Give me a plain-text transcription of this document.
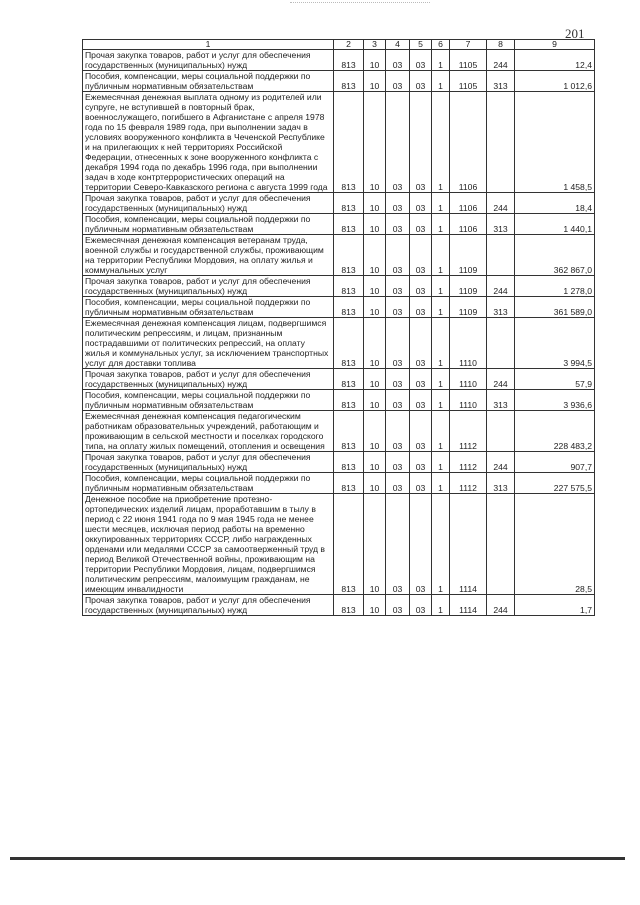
201
1	2	3	4	5	6	7	8	9
Прочая закупка товаров, работ и услуг для обеспечения государственных (муниципальных) нужд	813	10	03	03	1	1105	244	12,4
Пособия, компенсации, меры социальной поддержки по публичным нормативным обязательствам	813	10	03	03	1	1105	313	1 012,6
Ежемесячная денежная выплата одному из родителей или супруге, не вступившей в повторный брак, военнослужащего, погибшего в Афганистане с апреля 1978 года по 15 февраля 1989 года, при выполнении задач в условиях вооруженного конфликта в Чеченской Республике и на прилегающих к ней территориях Российской Федерации, отнесенных к зоне вооруженного конфликта с декабря 1994 года по декабрь 1996 года, при выполнении задач в ходе контртеррористических операций на территории Северо-Кавказского региона с августа 1999 года	813	10	03	03	1	1106		1 458,5
Прочая закупка товаров, работ и услуг для обеспечения государственных (муниципальных) нужд	813	10	03	03	1	1106	244	18,4
Пособия, компенсации, меры социальной поддержки по публичным нормативным обязательствам	813	10	03	03	1	1106	313	1 440,1
Ежемесячная денежная компенсация ветеранам труда, военной службы и государственной службы, проживающим на территории Республики Мордовия, на оплату жилья и коммунальных услуг	813	10	03	03	1	1109		362 867,0
Прочая закупка товаров, работ и услуг для обеспечения государственных (муниципальных) нужд	813	10	03	03	1	1109	244	1 278,0
Пособия, компенсации, меры социальной поддержки по публичным нормативным обязательствам	813	10	03	03	1	1109	313	361 589,0
Ежемесячная денежная компенсация лицам, подвергшимся политическим репрессиям, и лицам, признанным пострадавшими от политических репрессий, на оплату жилья и коммунальных услуг, за исключением транспортных услуг для доставки топлива	813	10	03	03	1	1110		3 994,5
Прочая закупка товаров, работ и услуг для обеспечения государственных (муниципальных) нужд	813	10	03	03	1	1110	244	57,9
Пособия, компенсации, меры социальной поддержки по публичным нормативным обязательствам	813	10	03	03	1	1110	313	3 936,6
Ежемесячная денежная компенсация педагогическим работникам образовательных учреждений, работающим и проживающим в сельской местности и поселках городского типа, на оплату жилых помещений, отопления и освещения	813	10	03	03	1	1112		228 483,2
Прочая закупка товаров, работ и услуг для обеспечения государственных (муниципальных) нужд	813	10	03	03	1	1112	244	907,7
Пособия, компенсации, меры социальной поддержки по публичным нормативным обязательствам	813	10	03	03	1	1112	313	227 575,5
Денежное пособие на приобретение протезно-ортопедических изделий лицам, проработавшим в тылу в период с 22 июня 1941 года по 9 мая 1945 года не менее шести месяцев, исключая период работы на временно оккупированных территориях СССР, либо награжденных орденами или медалями СССР за самоотверженный труд в период Великой Отечественной войны, проживающим на территории Республики Мордовия, лицам, подвергшимся политическим репрессиям, малоимущим гражданам, не имеющим инвалидности	813	10	03	03	1	1114		28,5
Прочая закупка товаров, работ и услуг для обеспечения государственных (муниципальных) нужд	813	10	03	03	1	1114	244	1,7
